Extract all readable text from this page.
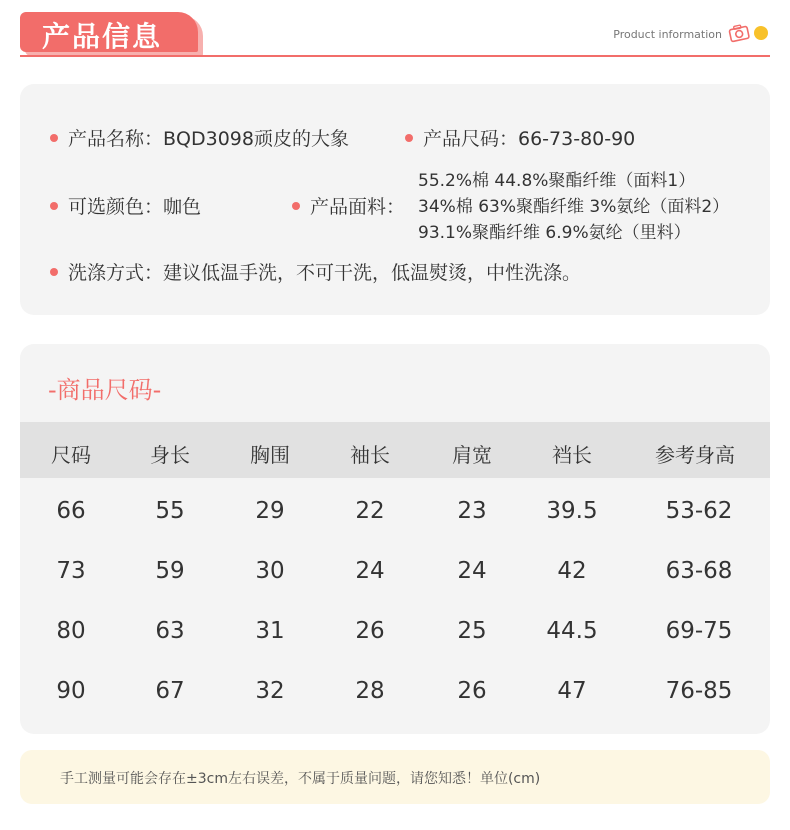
产品信息	Product information
产品名称：BQD3098顽皮的大象	产品尺码：66-73-80-90
可选颜色：咖色	产品面料：
55.2%棉 44.8%聚酯纤维（面料1）
34%棉 63%聚酯纤维 3%氨纶（面料2）
93.1%聚酯纤维 6.9%氨纶（里料）
洗涤方式：建议低温手洗，不可干洗，低温熨烫，中性洗涤。
-商品尺码-
尺码	身长	胸围	袖长	肩宽	裆长	参考身高
66	55	29	22	23	39.5	53-62
73	59	30	24	24	42	63-68
80	63	31	26	25	44.5	69-75
90	67	32	28	26	47	76-85
手工测量可能会存在±3cm左右误差，不属于质量问题，请您知悉！单位(cm)
